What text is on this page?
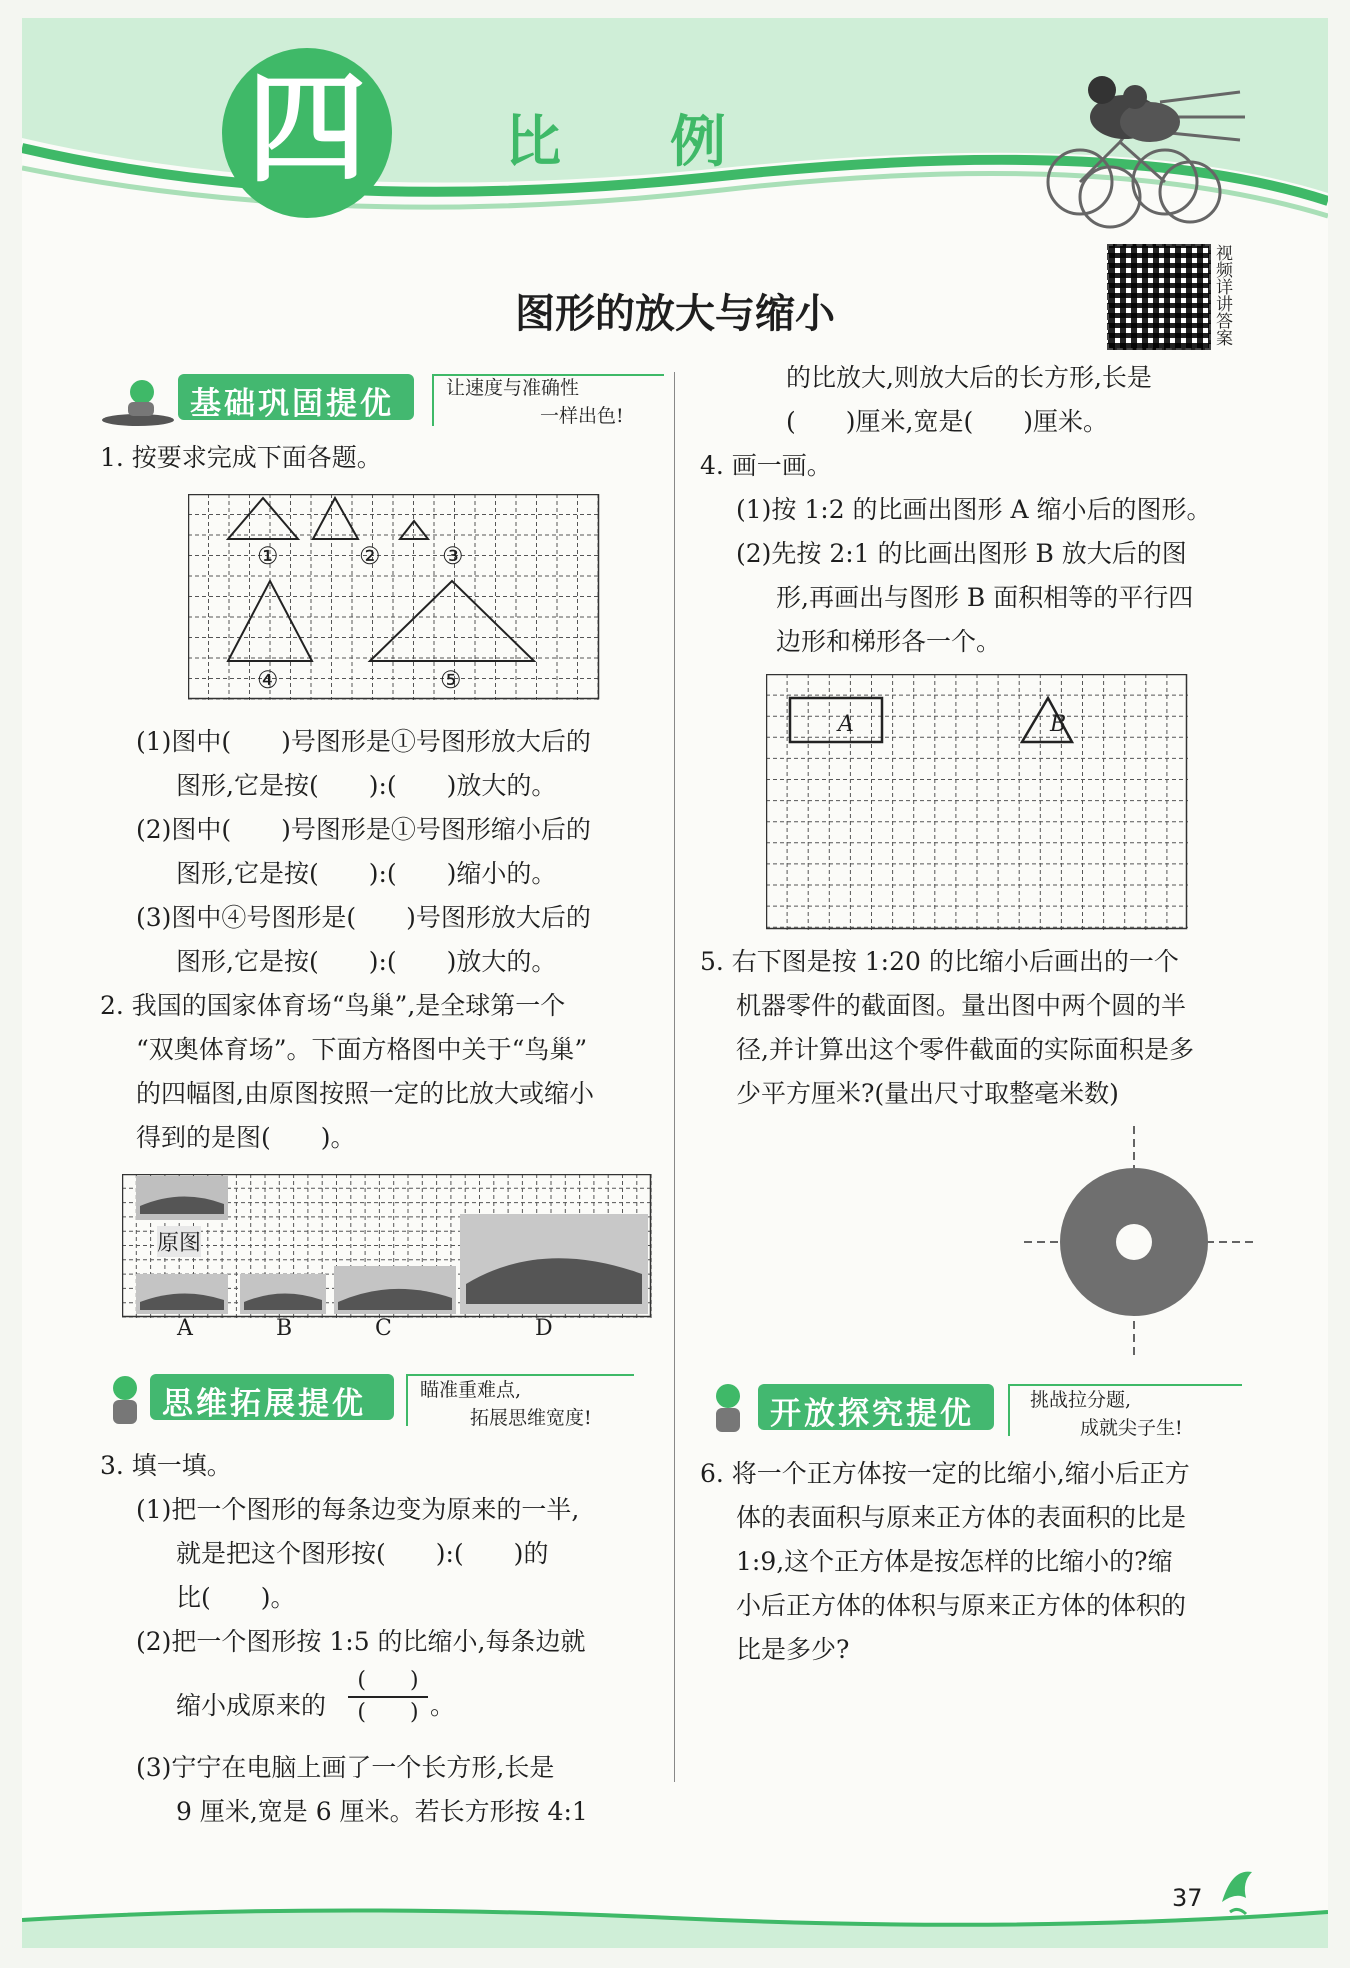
四	比 例
视频详讲答案
图形的放大与缩小
基础巩固提优	让速度与准确性
一样出色!
1. 按要求完成下面各题。
①	②	③
④	⑤
(1)图中(　　)号图形是①号图形放大后的
图形,它是按(　　):(　　)放大的。
(2)图中(　　)号图形是①号图形缩小后的
图形,它是按(　　):(　　)缩小的。
(3)图中④号图形是(　　)号图形放大后的
图形,它是按(　　):(　　)放大的。
2. 我国的国家体育场“鸟巢”,是全球第一个
“双奥体育场”。下面方格图中关于“鸟巢”
的四幅图,由原图按照一定的比放大或缩小
得到的是图(　　)。
原图
A	B	C	D
思维拓展提优	瞄准重难点,
拓展思维宽度!
3. 填一填。
(1)把一个图形的每条边变为原来的一半,
就是把这个图形按(　　):(　　)的
比(　　)。
(2)把一个图形按 1:5 的比缩小,每条边就
缩小成原来的
(　　)
(　　) 。
(3)宁宁在电脑上画了一个长方形,长是
9 厘米,宽是 6 厘米。若长方形按 4:1
的比放大,则放大后的长方形,长是
(　　)厘米,宽是(　　)厘米。
4. 画一画。
(1)按 1:2 的比画出图形 A 缩小后的图形。
(2)先按 2:1 的比画出图形 B 放大后的图
形,再画出与图形 B 面积相等的平行四
边形和梯形各一个。
A	B
5. 右下图是按 1:20 的比缩小后画出的一个
机器零件的截面图。量出图中两个圆的半
径,并计算出这个零件截面的实际面积是多
少平方厘米?(量出尺寸取整毫米数)
开放探究提优	挑战拉分题,
成就尖子生!
6. 将一个正方体按一定的比缩小,缩小后正方
体的表面积与原来正方体的表面积的比是
1:9,这个正方体是按怎样的比缩小的?缩
小后正方体的体积与原来正方体的体积的
比是多少?
37
